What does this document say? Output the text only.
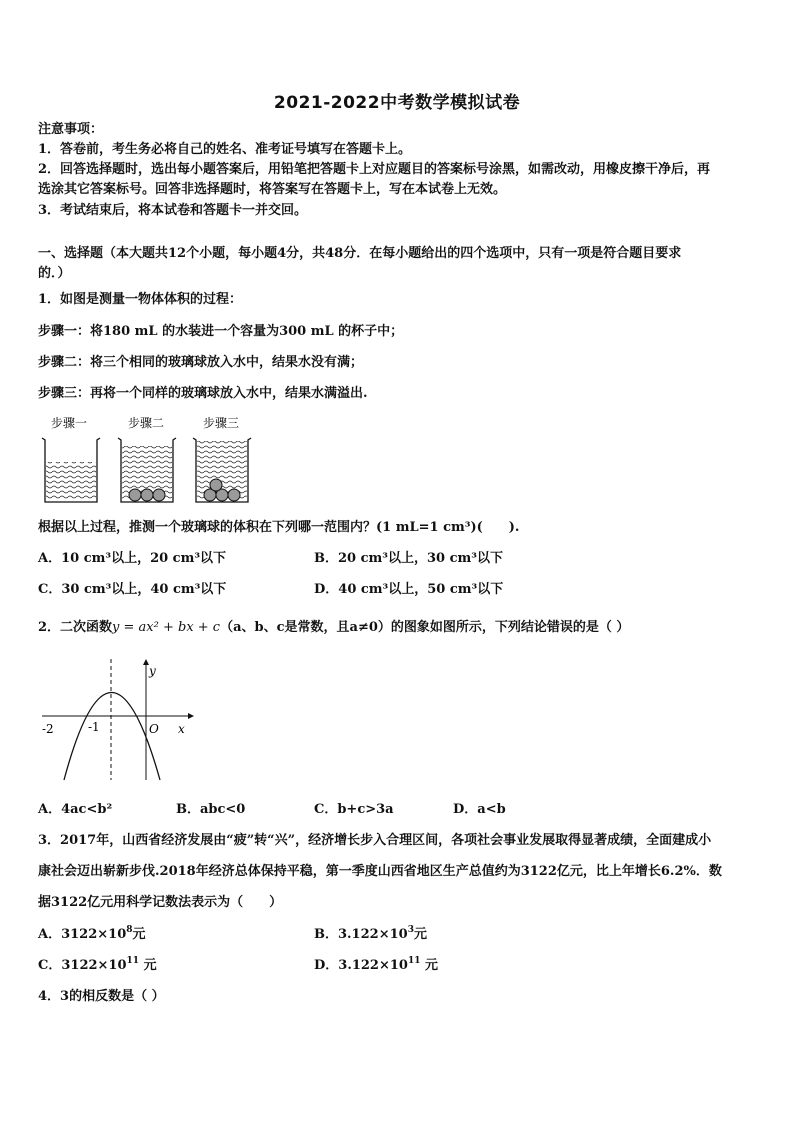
2021-2022中考数学模拟试卷
注意事项：
1．答卷前，考生务必将自己的姓名、准考证号填写在答题卡上。
2．回答选择题时，选出每小题答案后，用铅笔把答题卡上对应题目的答案标号涂黑，如需改动，用橡皮擦干净后，再
选涂其它答案标号。回答非选择题时，将答案写在答题卡上，写在本试卷上无效。
3．考试结束后，将本试卷和答题卡一并交回。
一、选择题（本大题共12个小题，每小题4分，共48分．在每小题给出的四个选项中，只有一项是符合题目要求
的．）
1．如图是测量一物体体积的过程：
步骤一：将180 mL 的水装进一个容量为300 mL 的杯子中；
步骤二：将三个相同的玻璃球放入水中，结果水没有满；
步骤三：再将一个同样的玻璃球放入水中，结果水满溢出.
步骤一	步骤二	步骤三
根据以上过程，推测一个玻璃球的体积在下列哪一范围内？(1 mL=1 cm³)(　　).
A．10 cm³以上，20 cm³以下	B．20 cm³以上，30 cm³以下
C．30 cm³以上，40 cm³以下	D．40 cm³以上，50 cm³以下
2．二次函数y = ax² + bx + c（a、b、c是常数，且a≠0）的图象如图所示，下列结论错误的是（ ）
y
x
O
-2	-1
A．4ac<b²	B．abc<0	C．b+c>3a	D．a<b
3．2017年，山西省经济发展由“疲”转“兴”，经济增长步入合理区间，各项社会事业发展取得显著成绩，全面建成小
康社会迈出崭新步伐.2018年经济总体保持平稳，第一季度山西省地区生产总值约为3122亿元，比上年增长6.2%．数
据3122亿元用科学记数法表示为（　　）
A．$3122\times 10^8$元	B．$3.122\times 10^3$元
C．$3122\times 10^{11}$ 元	D．$3.122\times 10^{11}$ 元
4．3的相反数是（ ）
